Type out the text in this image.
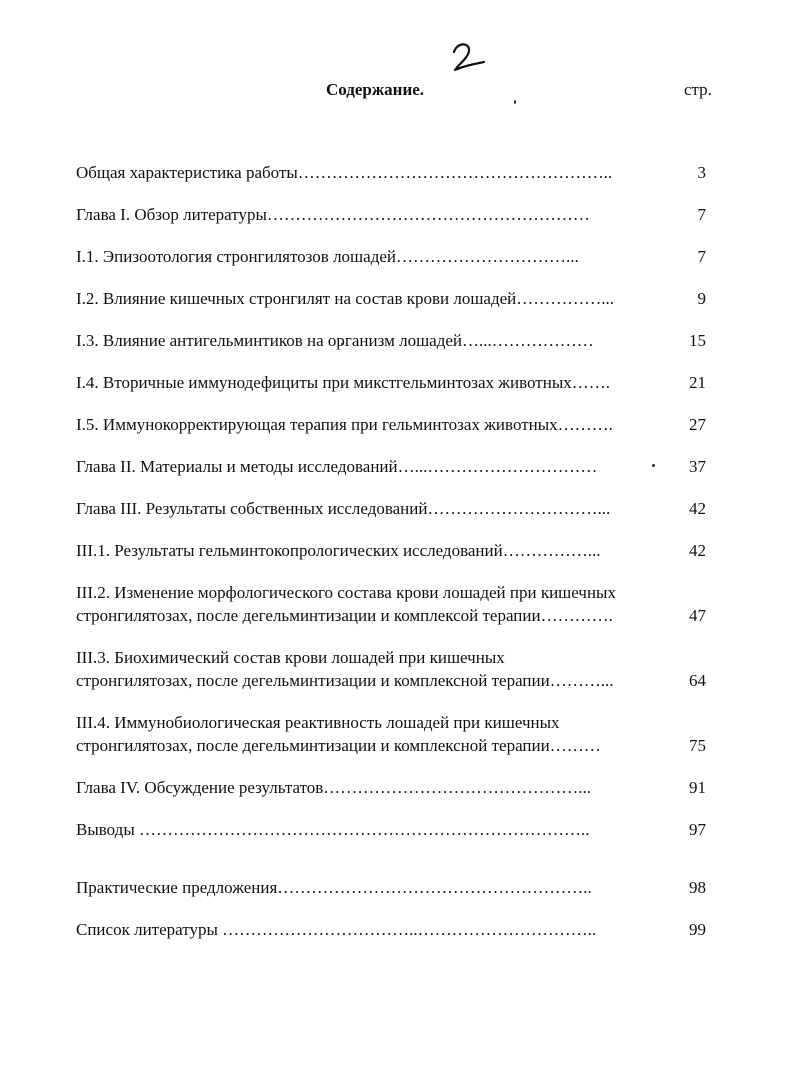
Содержание.	стр.
Общая характеристика работы………………………………………………..	3
Глава I. Обзор литературы…………………………………………………	7
I.1. Эпизоотология стронгилятозов лошадей…………………………...	7
I.2. Влияние кишечных стронгилят на состав крови лошадей……………...	9
I.3. Влияние антигельминтиков на организм лошадей…...………………	15
I.4. Вторичные иммунодефициты при микстгельминтозах животных…….	21
I.5. Иммунокорректирующая терапия при гельминтозах животных……….	27
Глава II. Материалы и методы исследований…...…………………………	37
Глава III. Результаты собственных исследований…………………………...	42
III.1. Результаты гельминтокопрологических исследований……………...	42
III.2. Изменение морфологического состава крови лошадей при кишечных
стронгилятозах, после дегельминтизации и комплексой терапии………….	47
III.3. Биохимический состав крови лошадей при кишечных
стронгилятозах, после дегельминтизации и комплексной терапии………...	64
III.4. Иммунобиологическая реактивность лошадей при кишечных
стронгилятозах, после дегельминтизации и комплексной терапии………	75
Глава IV. Обсуждение результатов………………………………………...	91
Выводы ……………………………………………………………………..	97
Практические предложения………………………………………………..	98
Список литературы ……………………………..…………………………..	99
